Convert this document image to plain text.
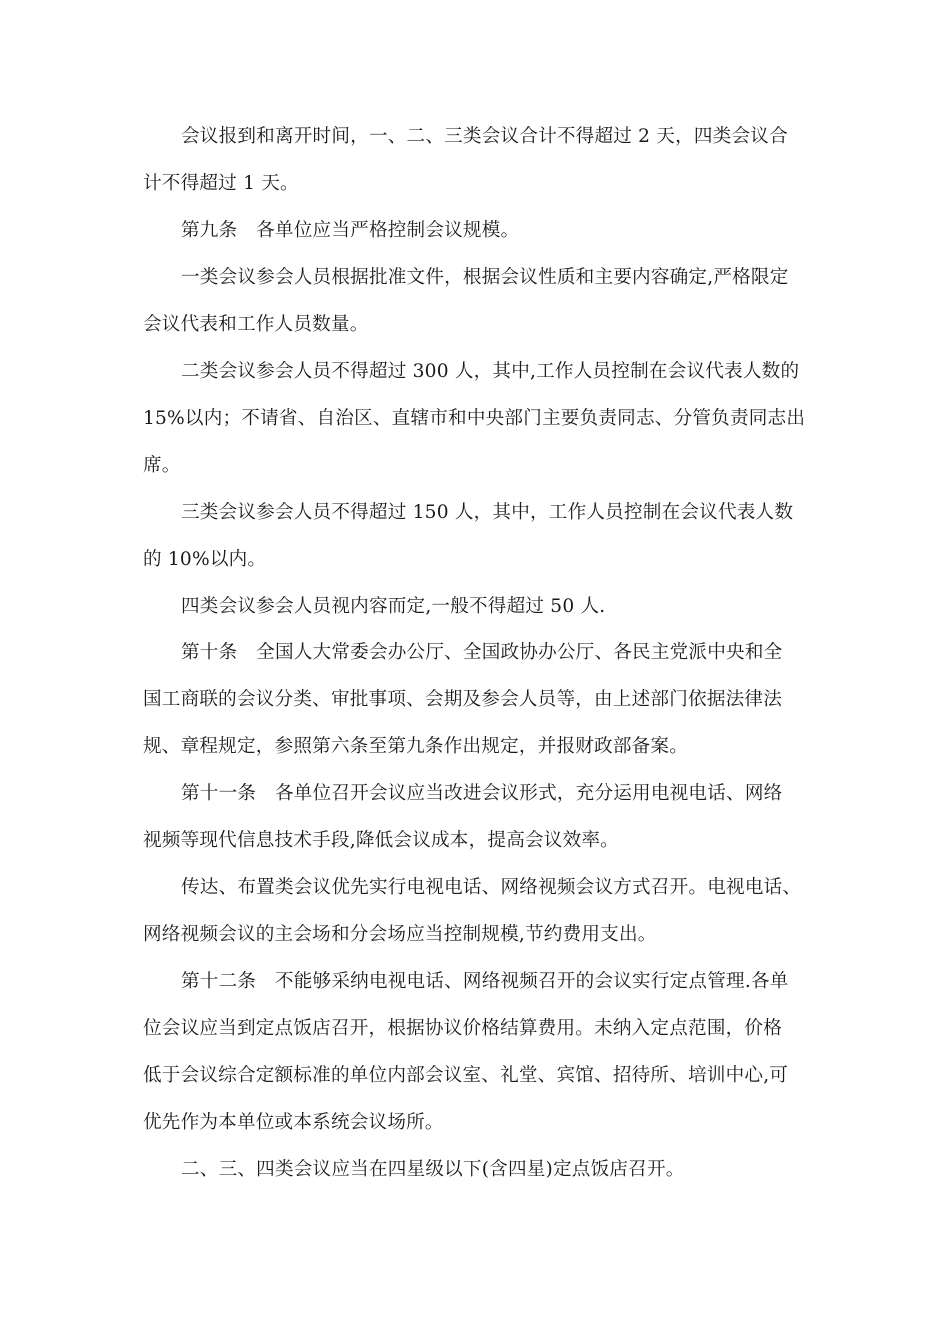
会议报到和离开时间，一、二、三类会议合计不得超过 2 天，四类会议合
计不得超过 1 天。
第九条　各单位应当严格控制会议规模。
一类会议参会人员根据批准文件，根据会议性质和主要内容确定,严格限定
会议代表和工作人员数量。
二类会议参会人员不得超过 300 人，其中,工作人员控制在会议代表人数的
15%以内；不请省、自治区、直辖市和中央部门主要负责同志、分管负责同志出
席。
三类会议参会人员不得超过 150 人，其中，工作人员控制在会议代表人数
的 10%以内。
四类会议参会人员视内容而定,一般不得超过 50 人.
第十条　全国人大常委会办公厅、全国政协办公厅、各民主党派中央和全
国工商联的会议分类、审批事项、会期及参会人员等，由上述部门依据法律法
规、章程规定，参照第六条至第九条作出规定，并报财政部备案。
第十一条　各单位召开会议应当改进会议形式，充分运用电视电话、网络
视频等现代信息技术手段,降低会议成本，提高会议效率。
传达、布置类会议优先实行电视电话、网络视频会议方式召开。电视电话、
网络视频会议的主会场和分会场应当控制规模,节约费用支出。
第十二条　不能够采纳电视电话、网络视频召开的会议实行定点管理.各单
位会议应当到定点饭店召开，根据协议价格结算费用。未纳入定点范围，价格
低于会议综合定额标准的单位内部会议室、礼堂、宾馆、招待所、培训中心,可
优先作为本单位或本系统会议场所。
二、三、四类会议应当在四星级以下(含四星)定点饭店召开。
